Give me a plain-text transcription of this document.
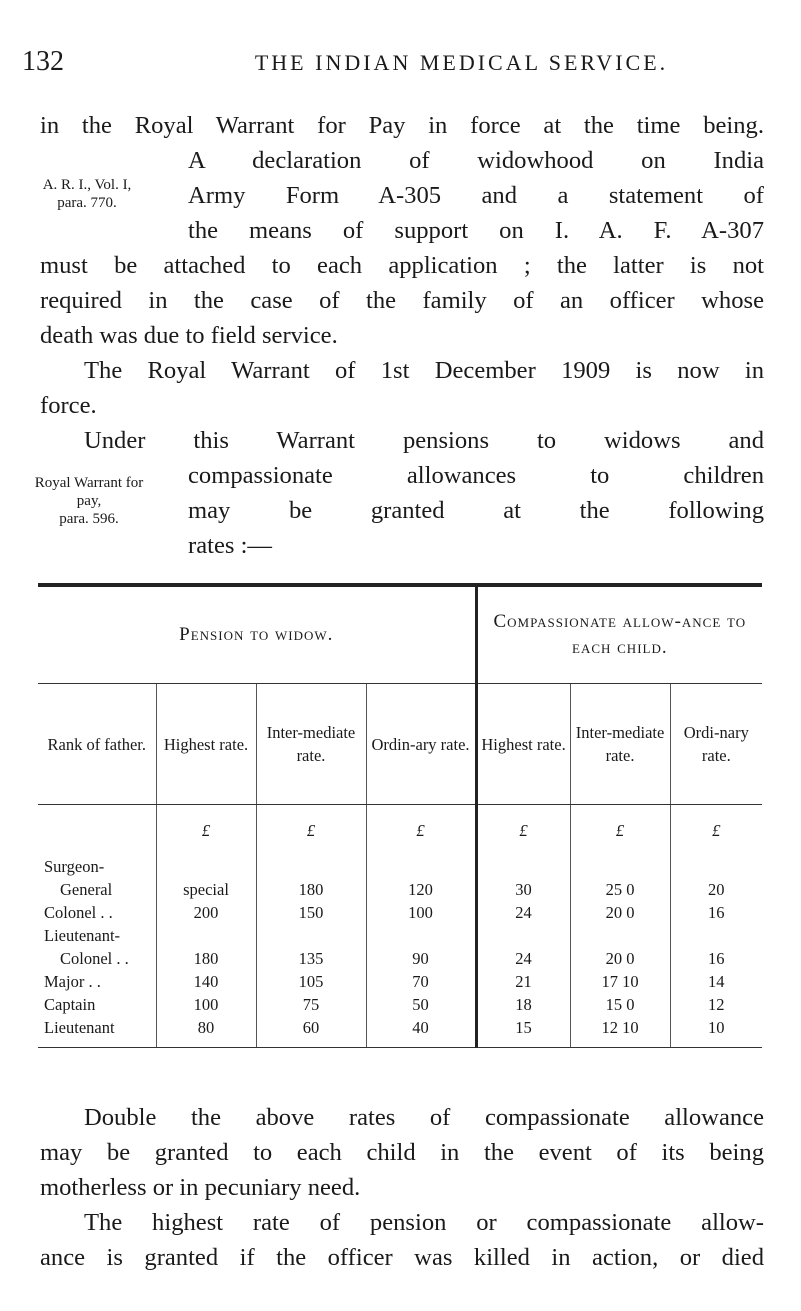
132	THE INDIAN MEDICAL SERVICE.
in the Royal Warrant for Pay in force at the time being.
A declaration of widowhood on India
Army Form A-305 and a statement of
the means of support on I. A. F. A-307
must be attached to each application ; the latter is not
required in the case of the family of an officer whose
death was due to field service.
A. R. I., Vol. I,
para. 770.
The Royal Warrant of 1st December 1909 is now in
force.
Under this Warrant pensions to widows and
compassionate allowances to children
may be granted at the following
rates :—
Royal Warrant for
pay,
para. 596.
Pension to widow.				Compassionate allow-ance to each child.		
Rank of father.	Highest rate.	Inter-mediate rate.	Ordin-ary rate.	Highest rate.	Inter-mediate rate.	Ordi-nary rate.
	£	£	£	£	£	£
Surgeon-						
General	special	180	120	30	25 0	20
Colonel . .	200	150	100	24	20 0	16
Lieutenant-						
Colonel . .	180	135	90	24	20 0	16
Major . .	140	105	70	21	17 10	14
Captain	100	75	50	18	15 0	12
Lieutenant	80	60	40	15	12 10	10
Double the above rates of compassionate allowance
may be granted to each child in the event of its being
motherless or in pecuniary need.
The highest rate of pension or compassionate allow-
ance is granted if the officer was killed in action, or died
